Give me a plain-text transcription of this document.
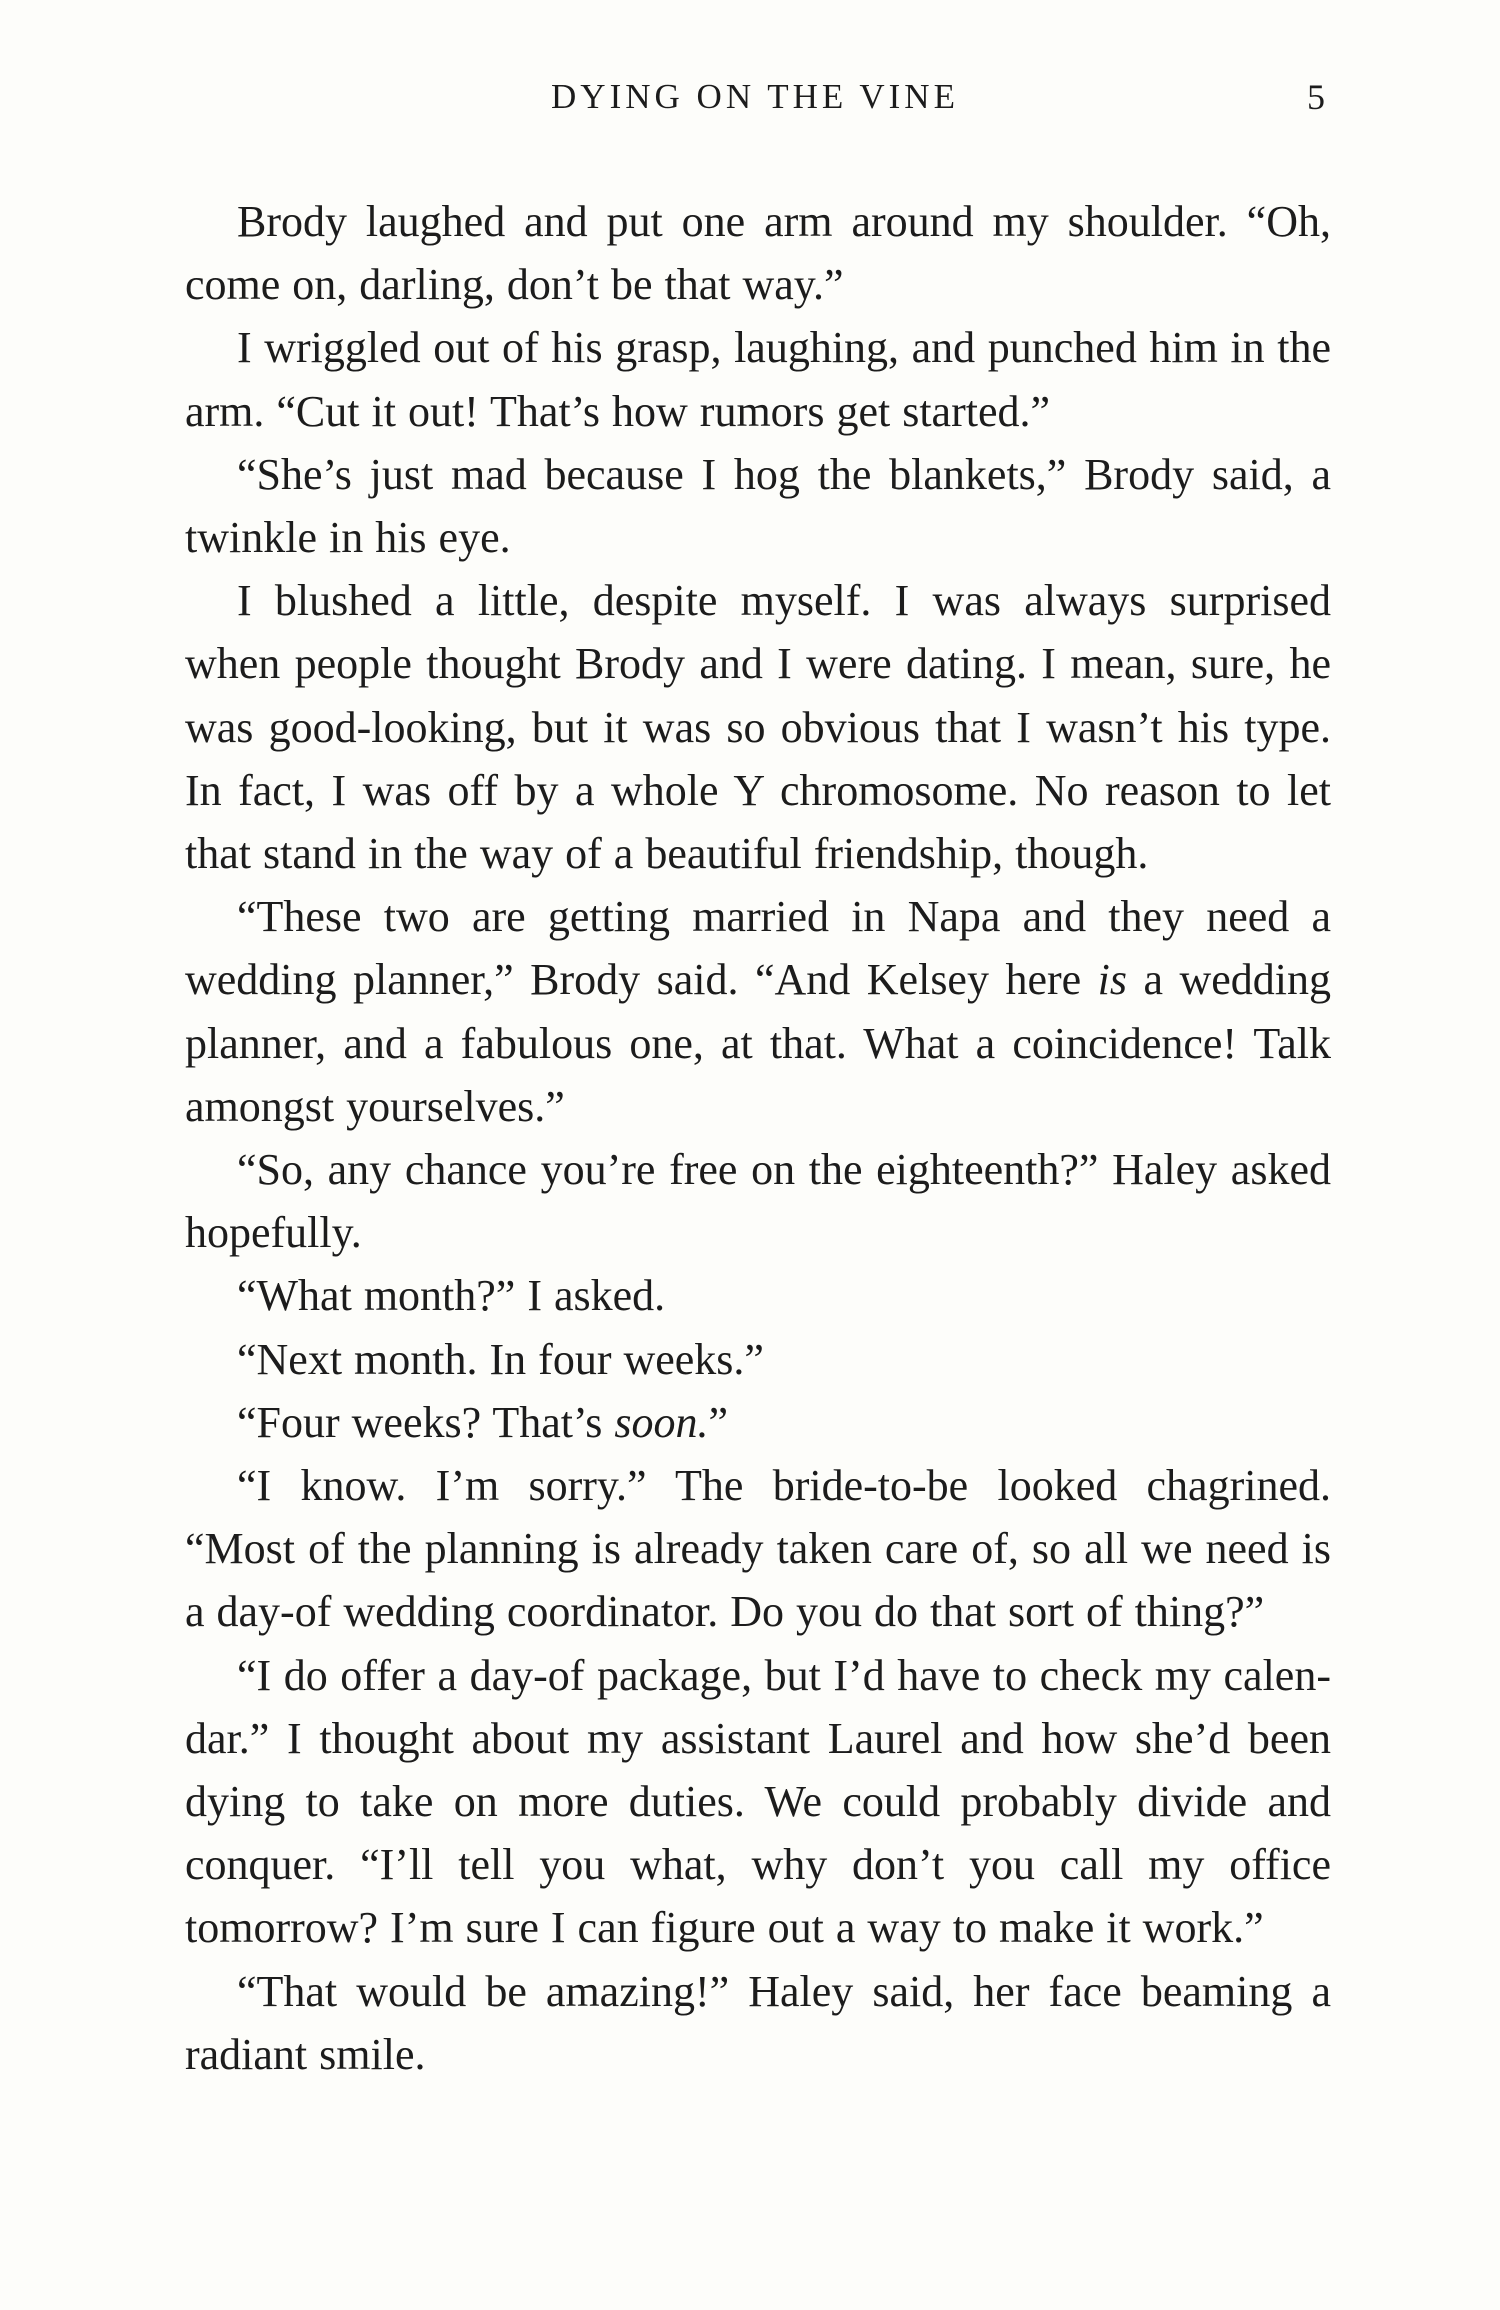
DYING ON THE VINE	5

Brody laughed and put one arm around my shoulder. “Oh, come on, darling, don’t be that way.”

I wriggled out of his grasp, laughing, and punched him in the arm. “Cut it out! That’s how rumors get started.”

“She’s just mad because I hog the blankets,” Brody said, a twinkle in his eye.

I blushed a little, despite myself. I was always surprised when people thought Brody and I were dating. I mean, sure, he was good-looking, but it was so obvious that I wasn’t his type. In fact, I was off by a whole Y chromosome. No reason to let that stand in the way of a beautiful friendship, though.

“These two are getting married in Napa and they need a wedding planner,” Brody said. “And Kelsey here is a wedding planner, and a fabulous one, at that. What a coincidence! Talk amongst yourselves.”

“So, any chance you’re free on the eighteenth?” Haley asked hopefully.

“What month?” I asked.

“Next month. In four weeks.”

“Four weeks? That’s soon.”

“I know. I’m sorry.” The bride-to-be looked chagrined. “Most of the planning is already taken care of, so all we need is a day-of wedding coordinator. Do you do that sort of thing?”

“I do offer a day-of package, but I’d have to check my calendar.” I thought about my assistant Laurel and how she’d been dying to take on more duties. We could probably divide and conquer. “I’ll tell you what, why don’t you call my office tomorrow? I’m sure I can figure out a way to make it work.”

“That would be amazing!” Haley said, her face beaming a radiant smile.
